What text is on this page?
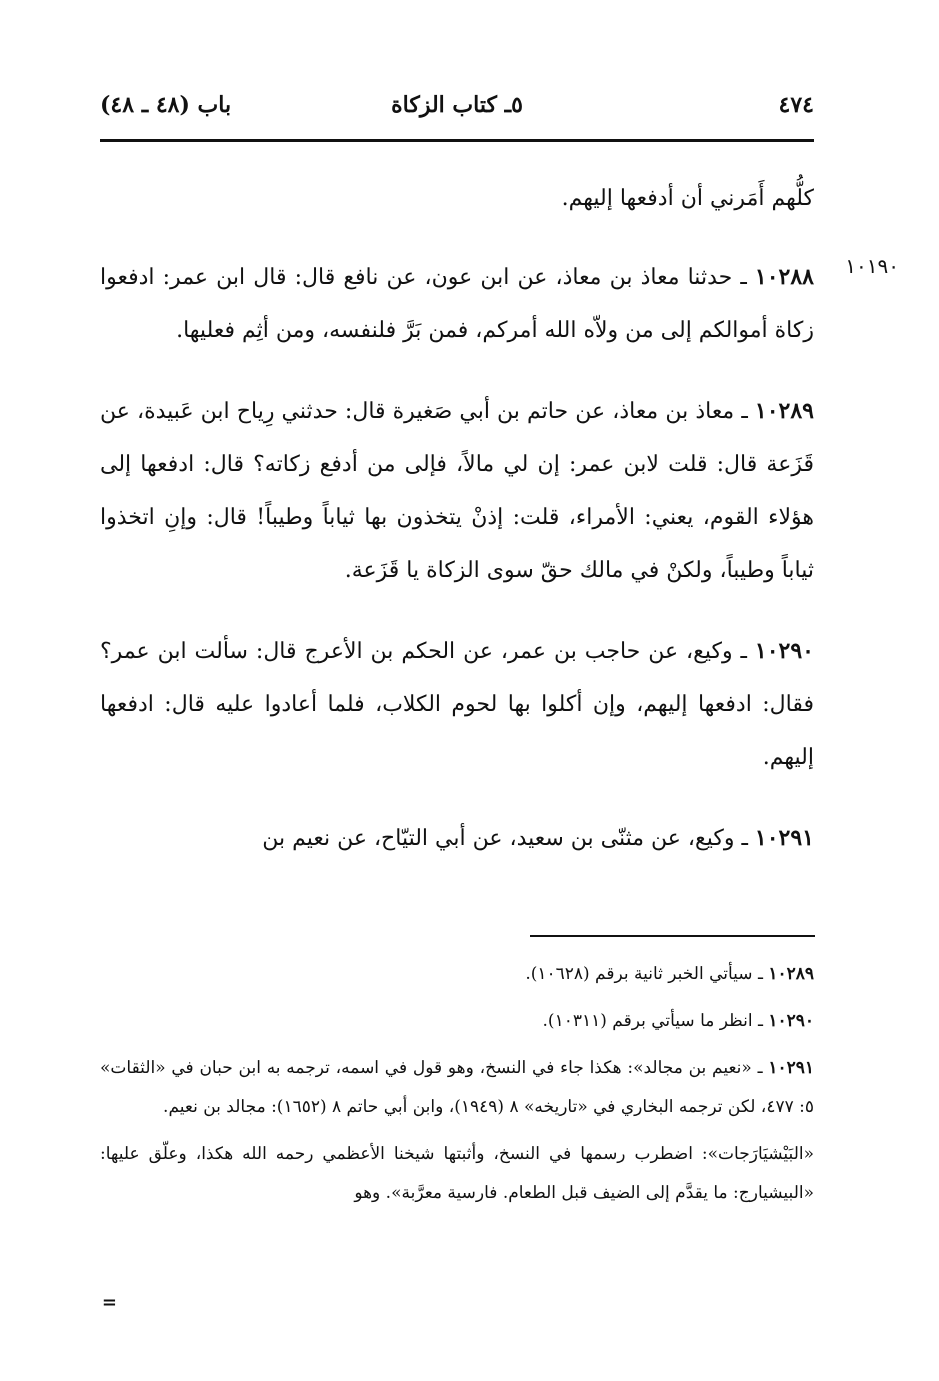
٤٧٤
٥ـ كتاب الزكاة
باب (٤٨ ـ ٤٨)
١٠١٩٠

كلُّهم أَمَرني أن أدفعها إليهم.

١٠٢٨٨ ـ حدثنا معاذ بن معاذ، عن ابن عون، عن نافع قال: قال ابن عمر: ادفعوا زكاة أموالكم إلى من ولاّه الله أمركم، فمن بَرَّ فلنفسه، ومن أثِم فعليها.

١٠٢٨٩ ـ معاذ بن معاذ، عن حاتم بن أبي صَغيرة قال: حدثني رِياح ابن عَبيدة، عن قَزَعة قال: قلت لابن عمر: إن لي مالاً، فإلى من أدفع زكاته؟ قال: ادفعها إلى هؤلاء القوم، يعني: الأمراء، قلت: إذنْ يتخذون بها ثياباً وطيباً! قال: وإنِ اتخذوا ثياباً وطيباً، ولكنْ في مالك حقّ سوى الزكاة يا قَزَعة.

١٠٢٩٠ ـ وكيع، عن حاجب بن عمر، عن الحكم بن الأعرج قال: سألت ابن عمر؟ فقال: ادفعها إليهم، وإن أكلوا بها لحوم الكلاب، فلما أعادوا عليه قال: ادفعها إليهم.

١٠٢٩١ ـ وكيع، عن مثنّى بن سعيد، عن أبي التيّاح، عن نعيم بن

١٠٢٨٩ ـ سيأتي الخبر ثانية برقم (١٠٦٢٨).

١٠٢٩٠ ـ انظر ما سيأتي برقم (١٠٣١١).

١٠٢٩١ ـ «نعيم بن مجالد»: هكذا جاء في النسخ، وهو قول في اسمه، ترجمه به ابن حبان في «الثقات» ٥: ٤٧٧، لكن ترجمه البخاري في «تاريخه» ٨ (١٩٤٩)، وابن أبي حاتم ٨ (١٦٥٢): مجالد بن نعيم.

«البَيْشيَارَجات»: اضطرب رسمها في النسخ، وأثبتها شيخنا الأعظمي رحمه الله هكذا، وعلّق عليها: «البيشيارج: ما يقدَّم إلى الضيف قبل الطعام. فارسية معرَّبة». وهو

=
